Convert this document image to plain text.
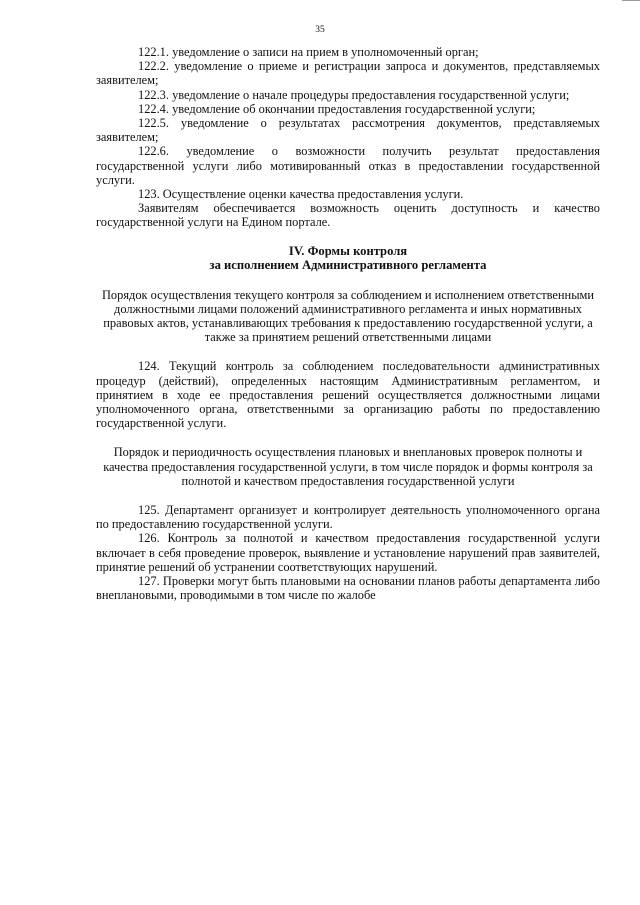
35

122.1. уведомление о записи на прием в уполномоченный орган;

122.2. уведомление о приеме и регистрации запроса и документов, представляемых заявителем;

122.3. уведомление о начале процедуры предоставления государственной услуги;

122.4. уведомление об окончании предоставления государственной услуги;

122.5. уведомление о результатах рассмотрения документов, представляемых заявителем;

122.6. уведомление о возможности получить результат предоставления государственной услуги либо мотивированный отказ в предоставлении государственной услуги.

123. Осуществление оценки качества предоставления услуги.

Заявителям обеспечивается возможность оценить доступность и качество государственной услуги на Едином портале.

IV. Формы контроля

за исполнением Административного регламента

Порядок осуществления текущего контроля за соблюдением и исполнением ответственными должностными лицами положений административного регламента и иных нормативных правовых актов, устанавливающих требования к предоставлению государственной услуги, а также за принятием решений ответственными лицами

124. Текущий контроль за соблюдением последовательности административных процедур (действий), определенных настоящим Административным регламентом, и принятием в ходе ее предоставления решений осуществляется должностными лицами уполномоченного органа, ответственными за организацию работы по предоставлению государственной услуги.

Порядок и периодичность осуществления плановых и внеплановых проверок полноты и качества предоставления государственной услуги, в том числе порядок и формы контроля за полнотой и качеством предоставления государственной услуги

125. Департамент организует и контролирует деятельность уполномоченного органа по предоставлению государственной услуги.

126. Контроль за полнотой и качеством предоставления государственной услуги включает в себя проведение проверок, выявление и установление нарушений прав заявителей, принятие решений об устранении соответствующих нарушений.

127. Проверки могут быть плановыми на основании планов работы департамента либо внеплановыми, проводимыми в том числе по жалобе
